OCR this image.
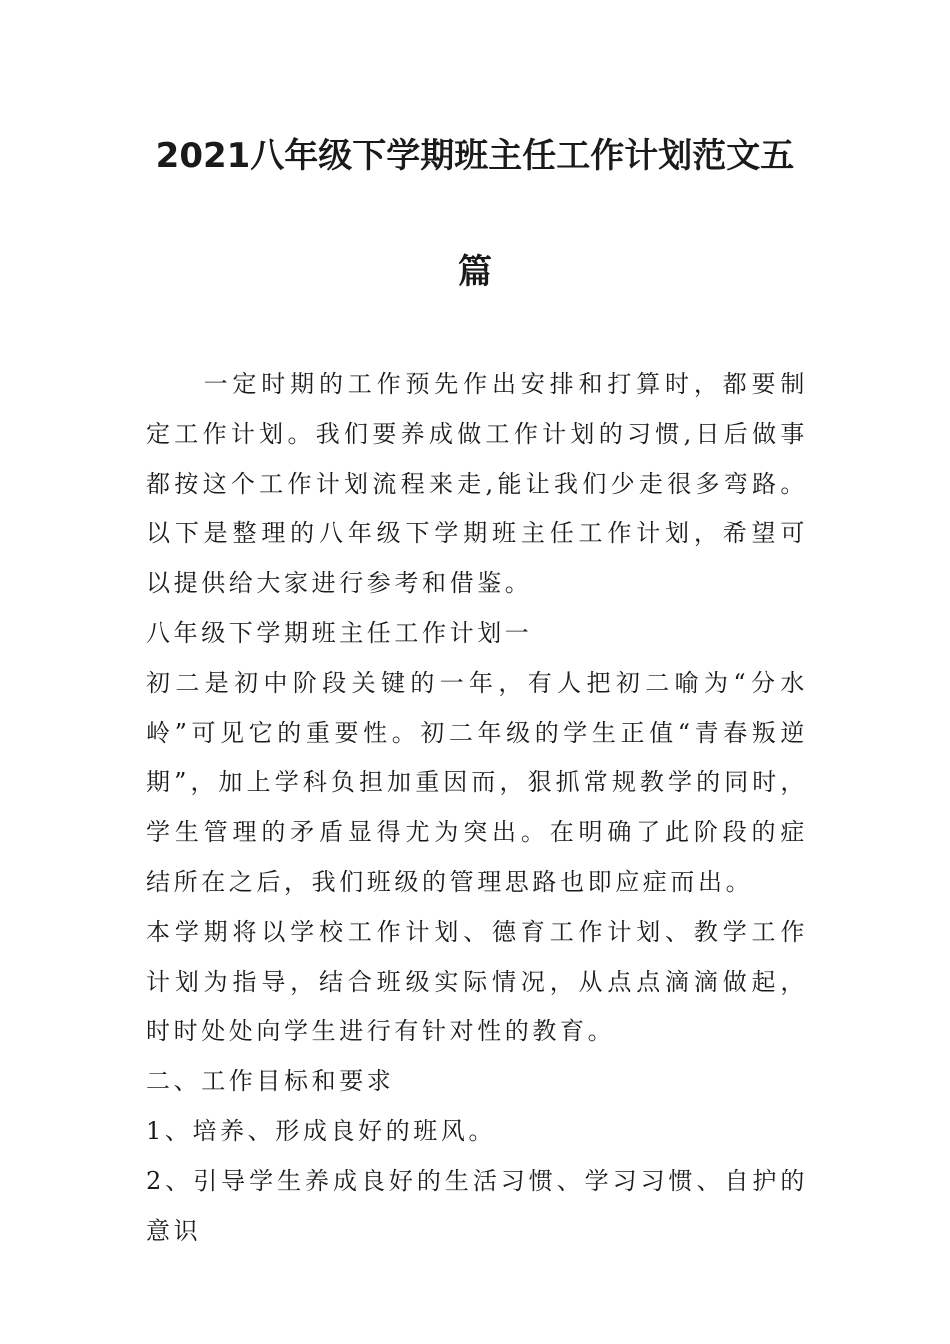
2021八年级下学期班主任工作计划范文五
篇

一定时期的工作预先作出安排和打算时，都要制定工作计划。我们要养成做工作计划的习惯,日后做事都按这个工作计划流程来走,能让我们少走很多弯路。以下是整理的八年级下学期班主任工作计划，希望可以提供给大家进行参考和借鉴。

八年级下学期班主任工作计划一

初二是初中阶段关键的一年，有人把初二喻为“分水岭”可见它的重要性。初二年级的学生正值“青春叛逆期”，加上学科负担加重因而，狠抓常规教学的同时，学生管理的矛盾显得尤为突出。在明确了此阶段的症结所在之后，我们班级的管理思路也即应症而出。

本学期将以学校工作计划、德育工作计划、教学工作计划为指导，结合班级实际情况，从点点滴滴做起，时时处处向学生进行有针对性的教育。

二、工作目标和要求

1、培养、形成良好的班风。

2、引导学生养成良好的生活习惯、学习习惯、自护的意识
